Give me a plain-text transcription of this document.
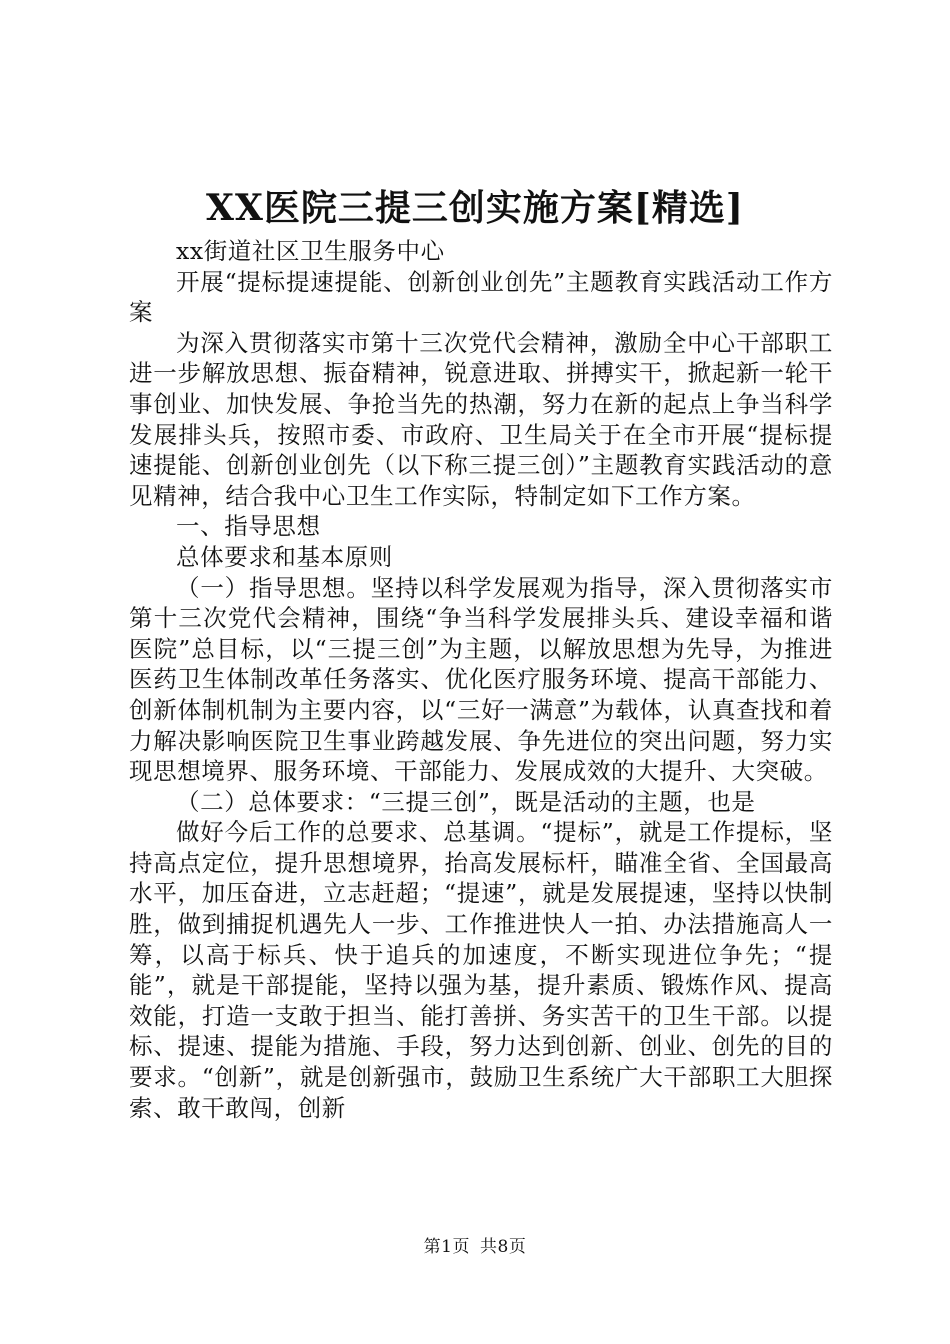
XX医院三提三创实施方案[精选]

xx街道社区卫生服务中心

开展“提标提速提能、创新创业创先”主题教育实践活动工作方案

为深入贯彻落实市第十三次党代会精神，激励全中心干部职工进一步解放思想、振奋精神，锐意进取、拼搏实干，掀起新一轮干事创业、加快发展、争抢当先的热潮，努力在新的起点上争当科学发展排头兵，按照市委、市政府、卫生局关于在全市开展“提标提速提能、创新创业创先（以下称三提三创）”主题教育实践活动的意见精神，结合我中心卫生工作实际，特制定如下工作方案。

一、指导思想

总体要求和基本原则

（一）指导思想。坚持以科学发展观为指导，深入贯彻落实市第十三次党代会精神，围绕“争当科学发展排头兵、建设幸福和谐医院”总目标，以“三提三创”为主题，以解放思想为先导，为推进医药卫生体制改革任务落实、优化医疗服务环境、提高干部能力、创新体制机制为主要内容，以“三好一满意”为载体，认真查找和着力解决影响医院卫生事业跨越发展、争先进位的突出问题，努力实现思想境界、服务环境、干部能力、发展成效的大提升、大突破。

（二）总体要求：“三提三创”，既是活动的主题，也是

做好今后工作的总要求、总基调。“提标”，就是工作提标，坚持高点定位，提升思想境界，抬高发展标杆，瞄准全省、全国最高水平，加压奋进，立志赶超；“提速”，就是发展提速，坚持以快制胜，做到捕捉机遇先人一步、工作推进快人一拍、办法措施高人一筹，以高于标兵、快于追兵的加速度，不断实现进位争先；“提能”，就是干部提能，坚持以强为基，提升素质、锻炼作风、提高效能，打造一支敢于担当、能打善拼、务实苦干的卫生干部。以提标、提速、提能为措施、手段，努力达到创新、创业、创先的目的要求。“创新”，就是创新强市，鼓励卫生系统广大干部职工大胆探索、敢干敢闯，创新

第1页 共8页
